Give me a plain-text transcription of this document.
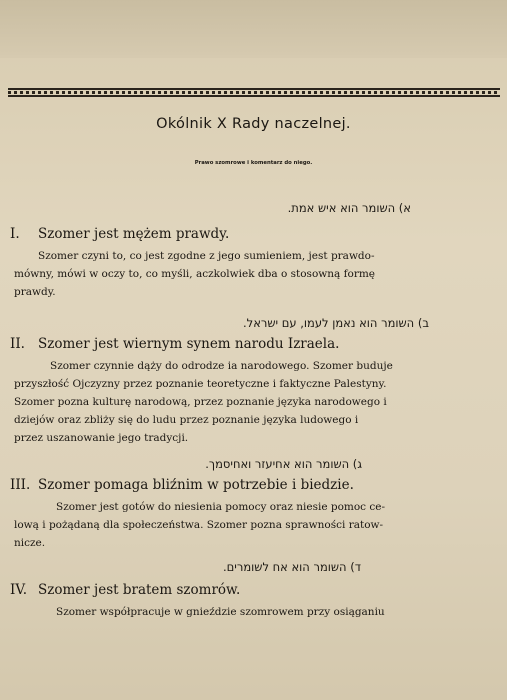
Okólnik X Rady naczelnej.
Prawo szomrowe i komentarz do niego.
א) השומר הוא איש אמת.
I. Szomer jest mężem prawdy.
Szomer czyni to, co jest zgodne z jego sumieniem, jest prawdo-
mówny, mówi w oczy to, co myśli, aczkolwiek dba o stosowną formę
prawdy.
ב) השומר הוא נאמן לעמו, עם ישראל.
II. Szomer jest wiernym synem narodu Izraela.
Szomer czynnie dąży do odrodze ia narodowego. Szomer buduje
przyszłość Ojczyzny przez poznanie teoretyczne i faktyczne Palestyny.
Szomer pozna kulturę narodową, przez poznanie języka narodowego i
dziejów oraz zbliży się do ludu przez poznanie języka ludowego i
przez uszanowanie jego tradycji.
ג) השומר הוא אחיעזר ואחיסמך.
III. Szomer pomaga bliźnim w potrzebie i biedzie.
Szomer jest gotów do niesienia pomocy oraz niesie pomoc ce-
lową i pożądaną dla społeczeństwa. Szomer pozna sprawności ratow-
nicze.
ד) השומר הוא אח לשומרים.
IV. Szomer jest bratem szomrów.
Szomer współpracuje w gnieździe szomrowem przy osiąganiu
